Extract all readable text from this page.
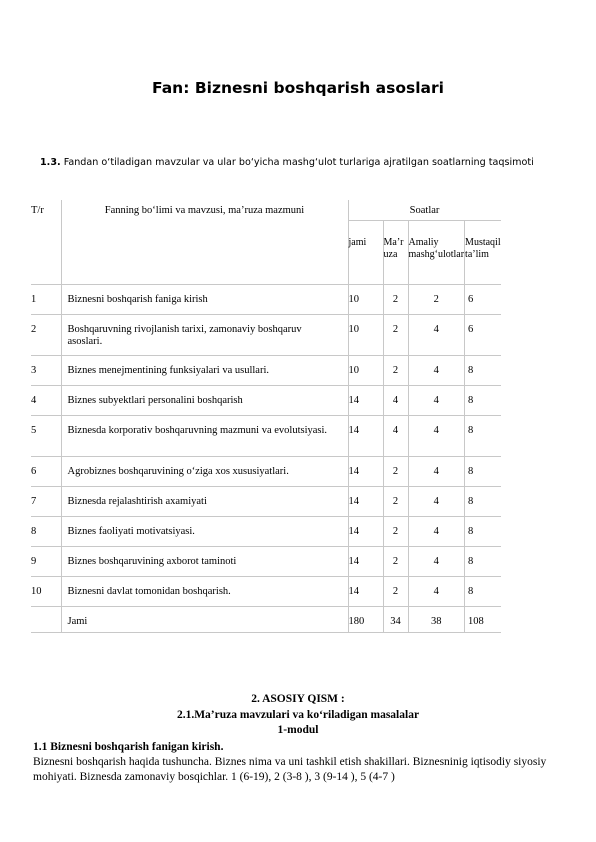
Fan: Biznesni boshqarish asoslari
1.3. Fandan o‘tiladigan mavzular va ular bo‘yicha mashg‘ulot turlariga ajratilgan soatlarning taqsimoti
T/r	Fanning bo‘limi va mavzusi, ma’ruza mazmuni	Soatlar			
		jami	Ma’ruza	Amaliy mashg‘ulotlar	Mustaqil ta’lim
1	Biznesni boshqarish faniga kirish	10	2	2	6
2	Boshqaruvning rivojlanish tarixi, zamonaviy boshqaruv asoslari.	10	2	4	6
3	Biznes menejmentining funksiyalari va usullari.	10	2	4	8
4	Biznes subyektlari personalini boshqarish	14	4	4	8
5	Biznesda korporativ boshqaruvning mazmuni va evolutsiyasi.	14	4	4	8
6	Agrobiznes boshqaruvining o‘ziga xos xususiyatlari.	14	2	4	8
7	Biznesda rejalashtirish axamiyati	14	2	4	8
8	Biznes faoliyati motivatsiyasi.	14	2	4	8
9	Biznes boshqaruvining axborot taminoti	14	2	4	8
10	Biznesni davlat tomonidan boshqarish.	14	2	4	8
	Jami	180	34	38	108
2. ASOSIY QISM :
2.1.Ma’ruza mavzulari va ko‘riladigan masalalar
1-modul
1.1 Biznesni boshqarish fanigan kirish.
Biznesni boshqarish haqida tushuncha. Biznes nima va uni tashkil etish shakillari. Biznesninig iqtisodiy siyosiy mohiyati. Biznesda zamonaviy bosqichlar. 1 (6-19), 2 (3-8 ), 3 (9-14 ), 5 (4-7 )
